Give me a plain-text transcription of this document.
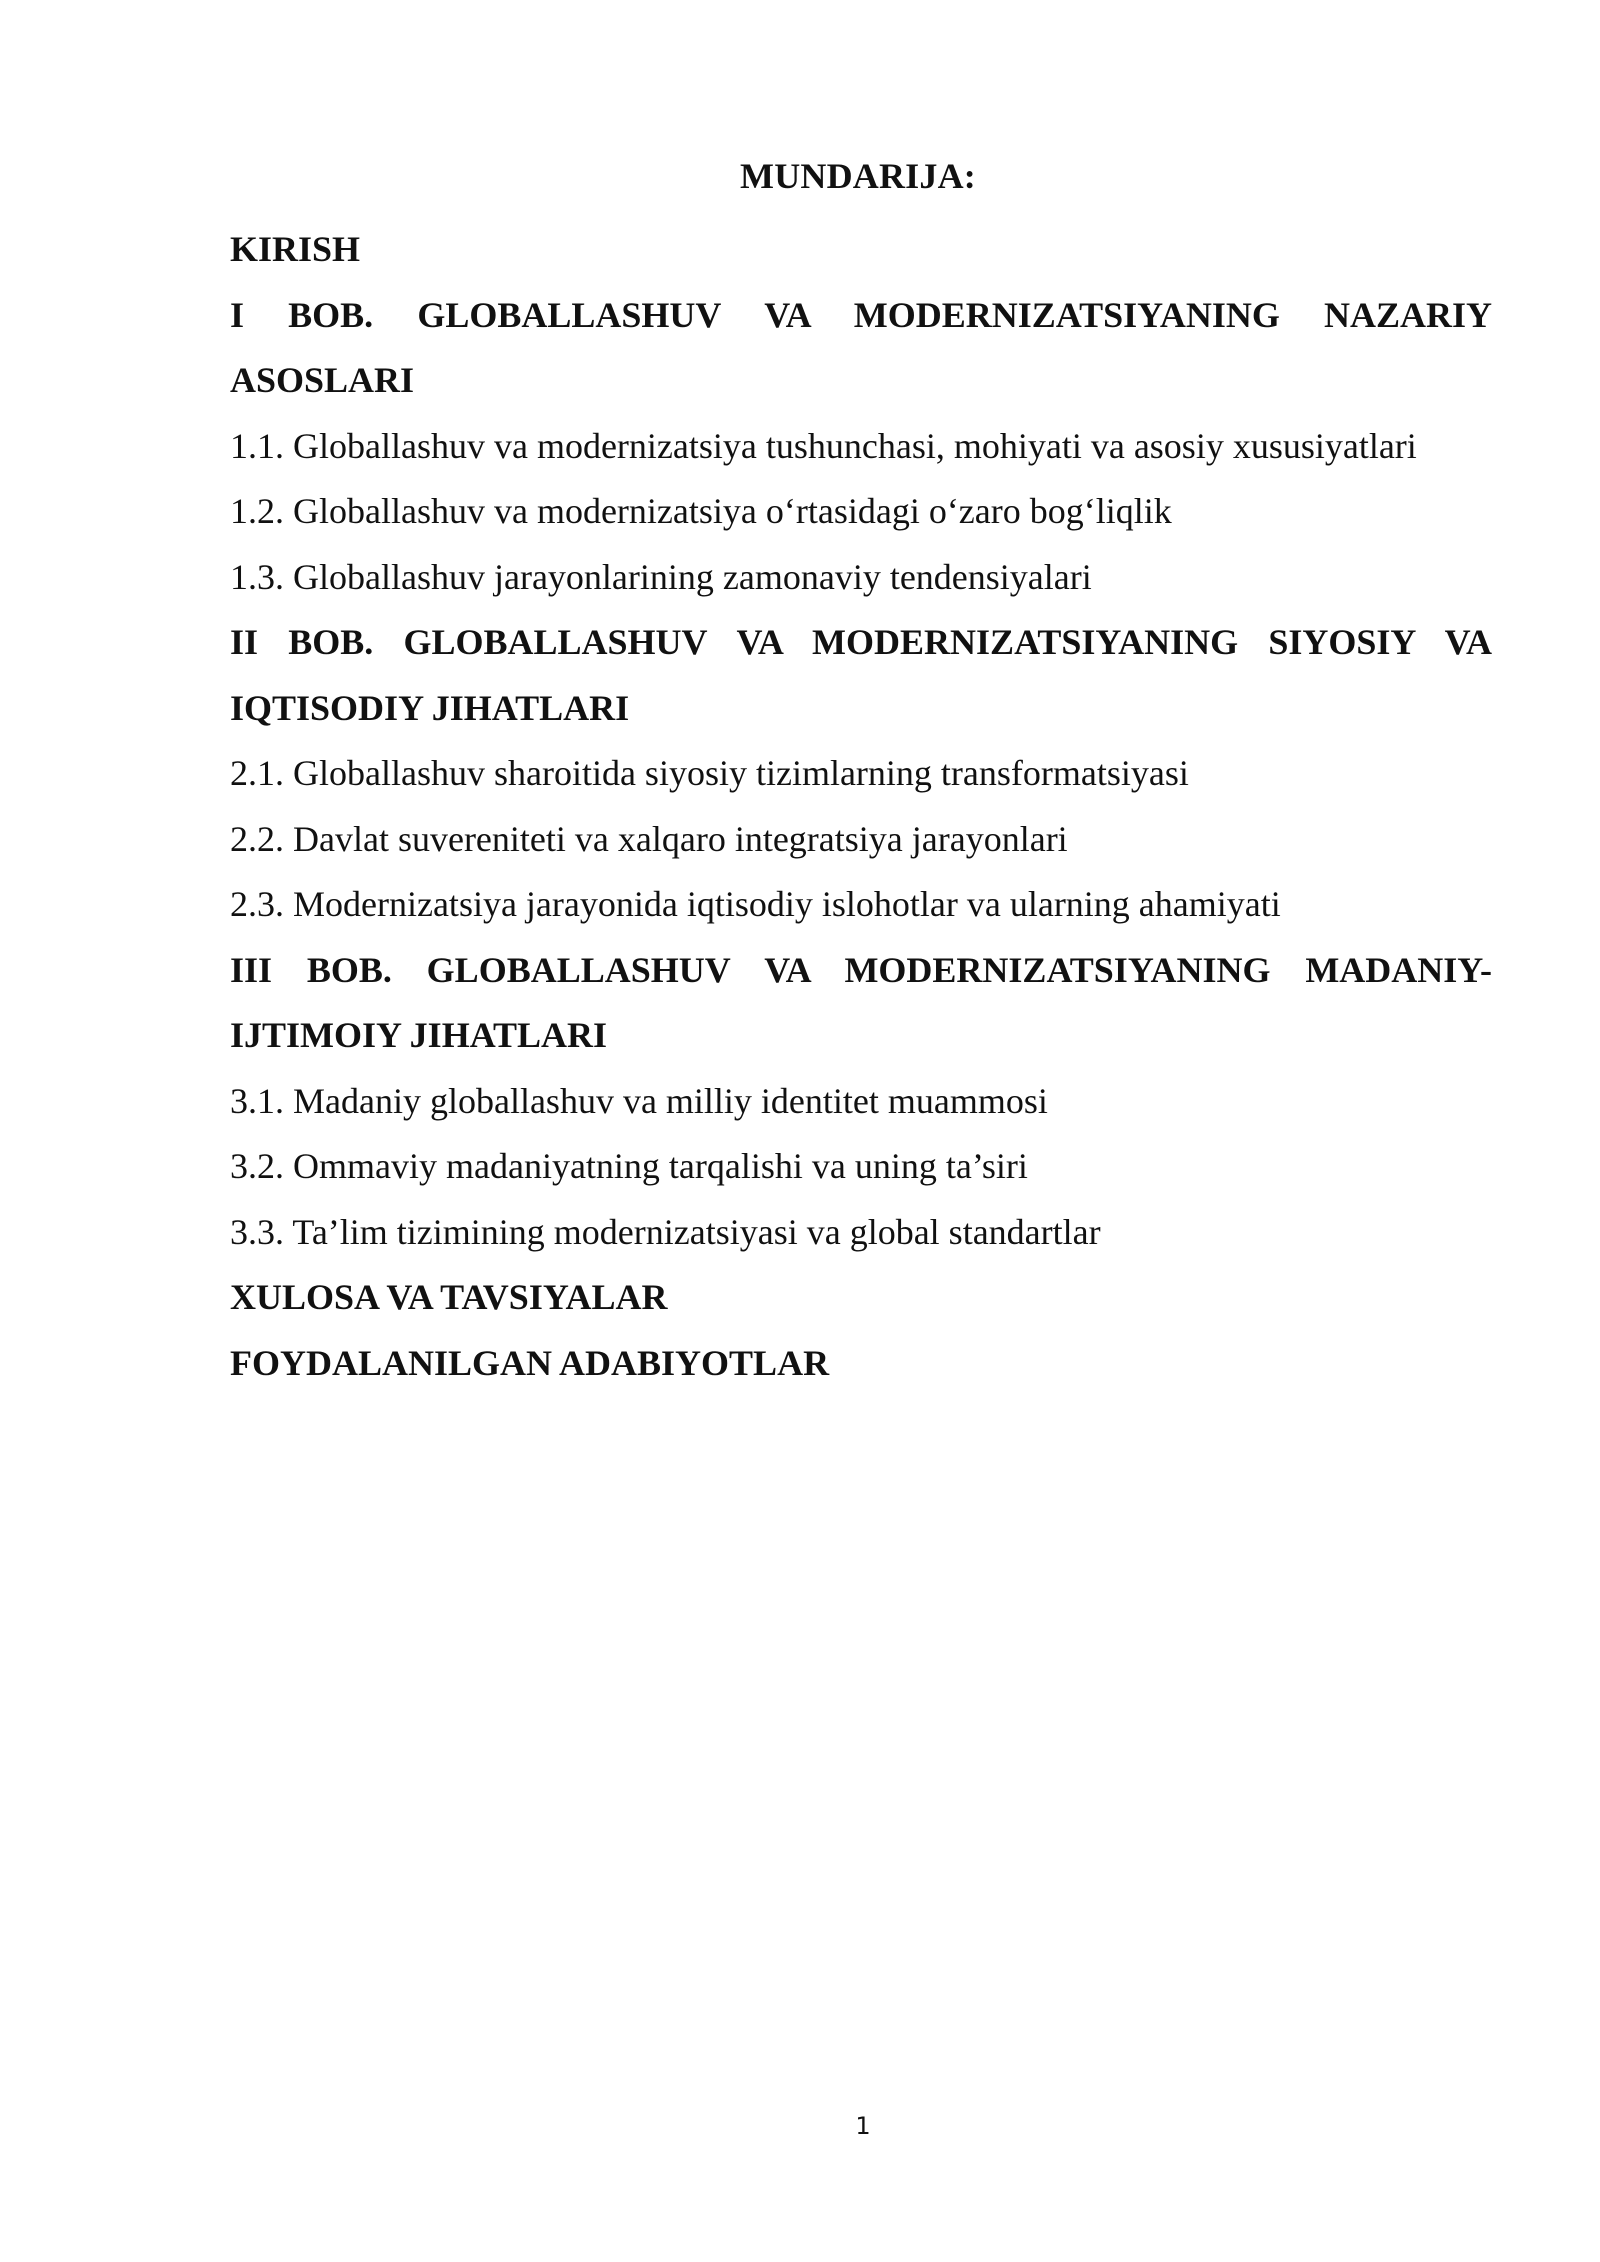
MUNDARIJA:
KIRISH
I BOB. GLOBALLASHUV VA MODERNIZATSIYANING NAZARIY ASOSLARI
1.1. Globallashuv va modernizatsiya tushunchasi, mohiyati va asosiy xususiyatlari
1.2. Globallashuv va modernizatsiya o‘rtasidagi o‘zaro bog‘liqlik
1.3. Globallashuv jarayonlarining zamonaviy tendensiyalari
II BOB. GLOBALLASHUV VA MODERNIZATSIYANING SIYOSIY VA IQTISODIY JIHATLARI
2.1. Globallashuv sharoitida siyosiy tizimlarning transformatsiyasi
2.2. Davlat suvereniteti va xalqaro integratsiya jarayonlari
2.3. Modernizatsiya jarayonida iqtisodiy islohotlar va ularning ahamiyati
III BOB. GLOBALLASHUV VA MODERNIZATSIYANING MADANIY-IJTIMOIY JIHATLARI
3.1. Madaniy globallashuv va milliy identitet muammosi
3.2. Ommaviy madaniyatning tarqalishi va uning ta’siri
3.3. Ta’lim tizimining modernizatsiyasi va global standartlar
XULOSA VA TAVSIYALAR
FOYDALANILGAN ADABIYOTLAR
1
